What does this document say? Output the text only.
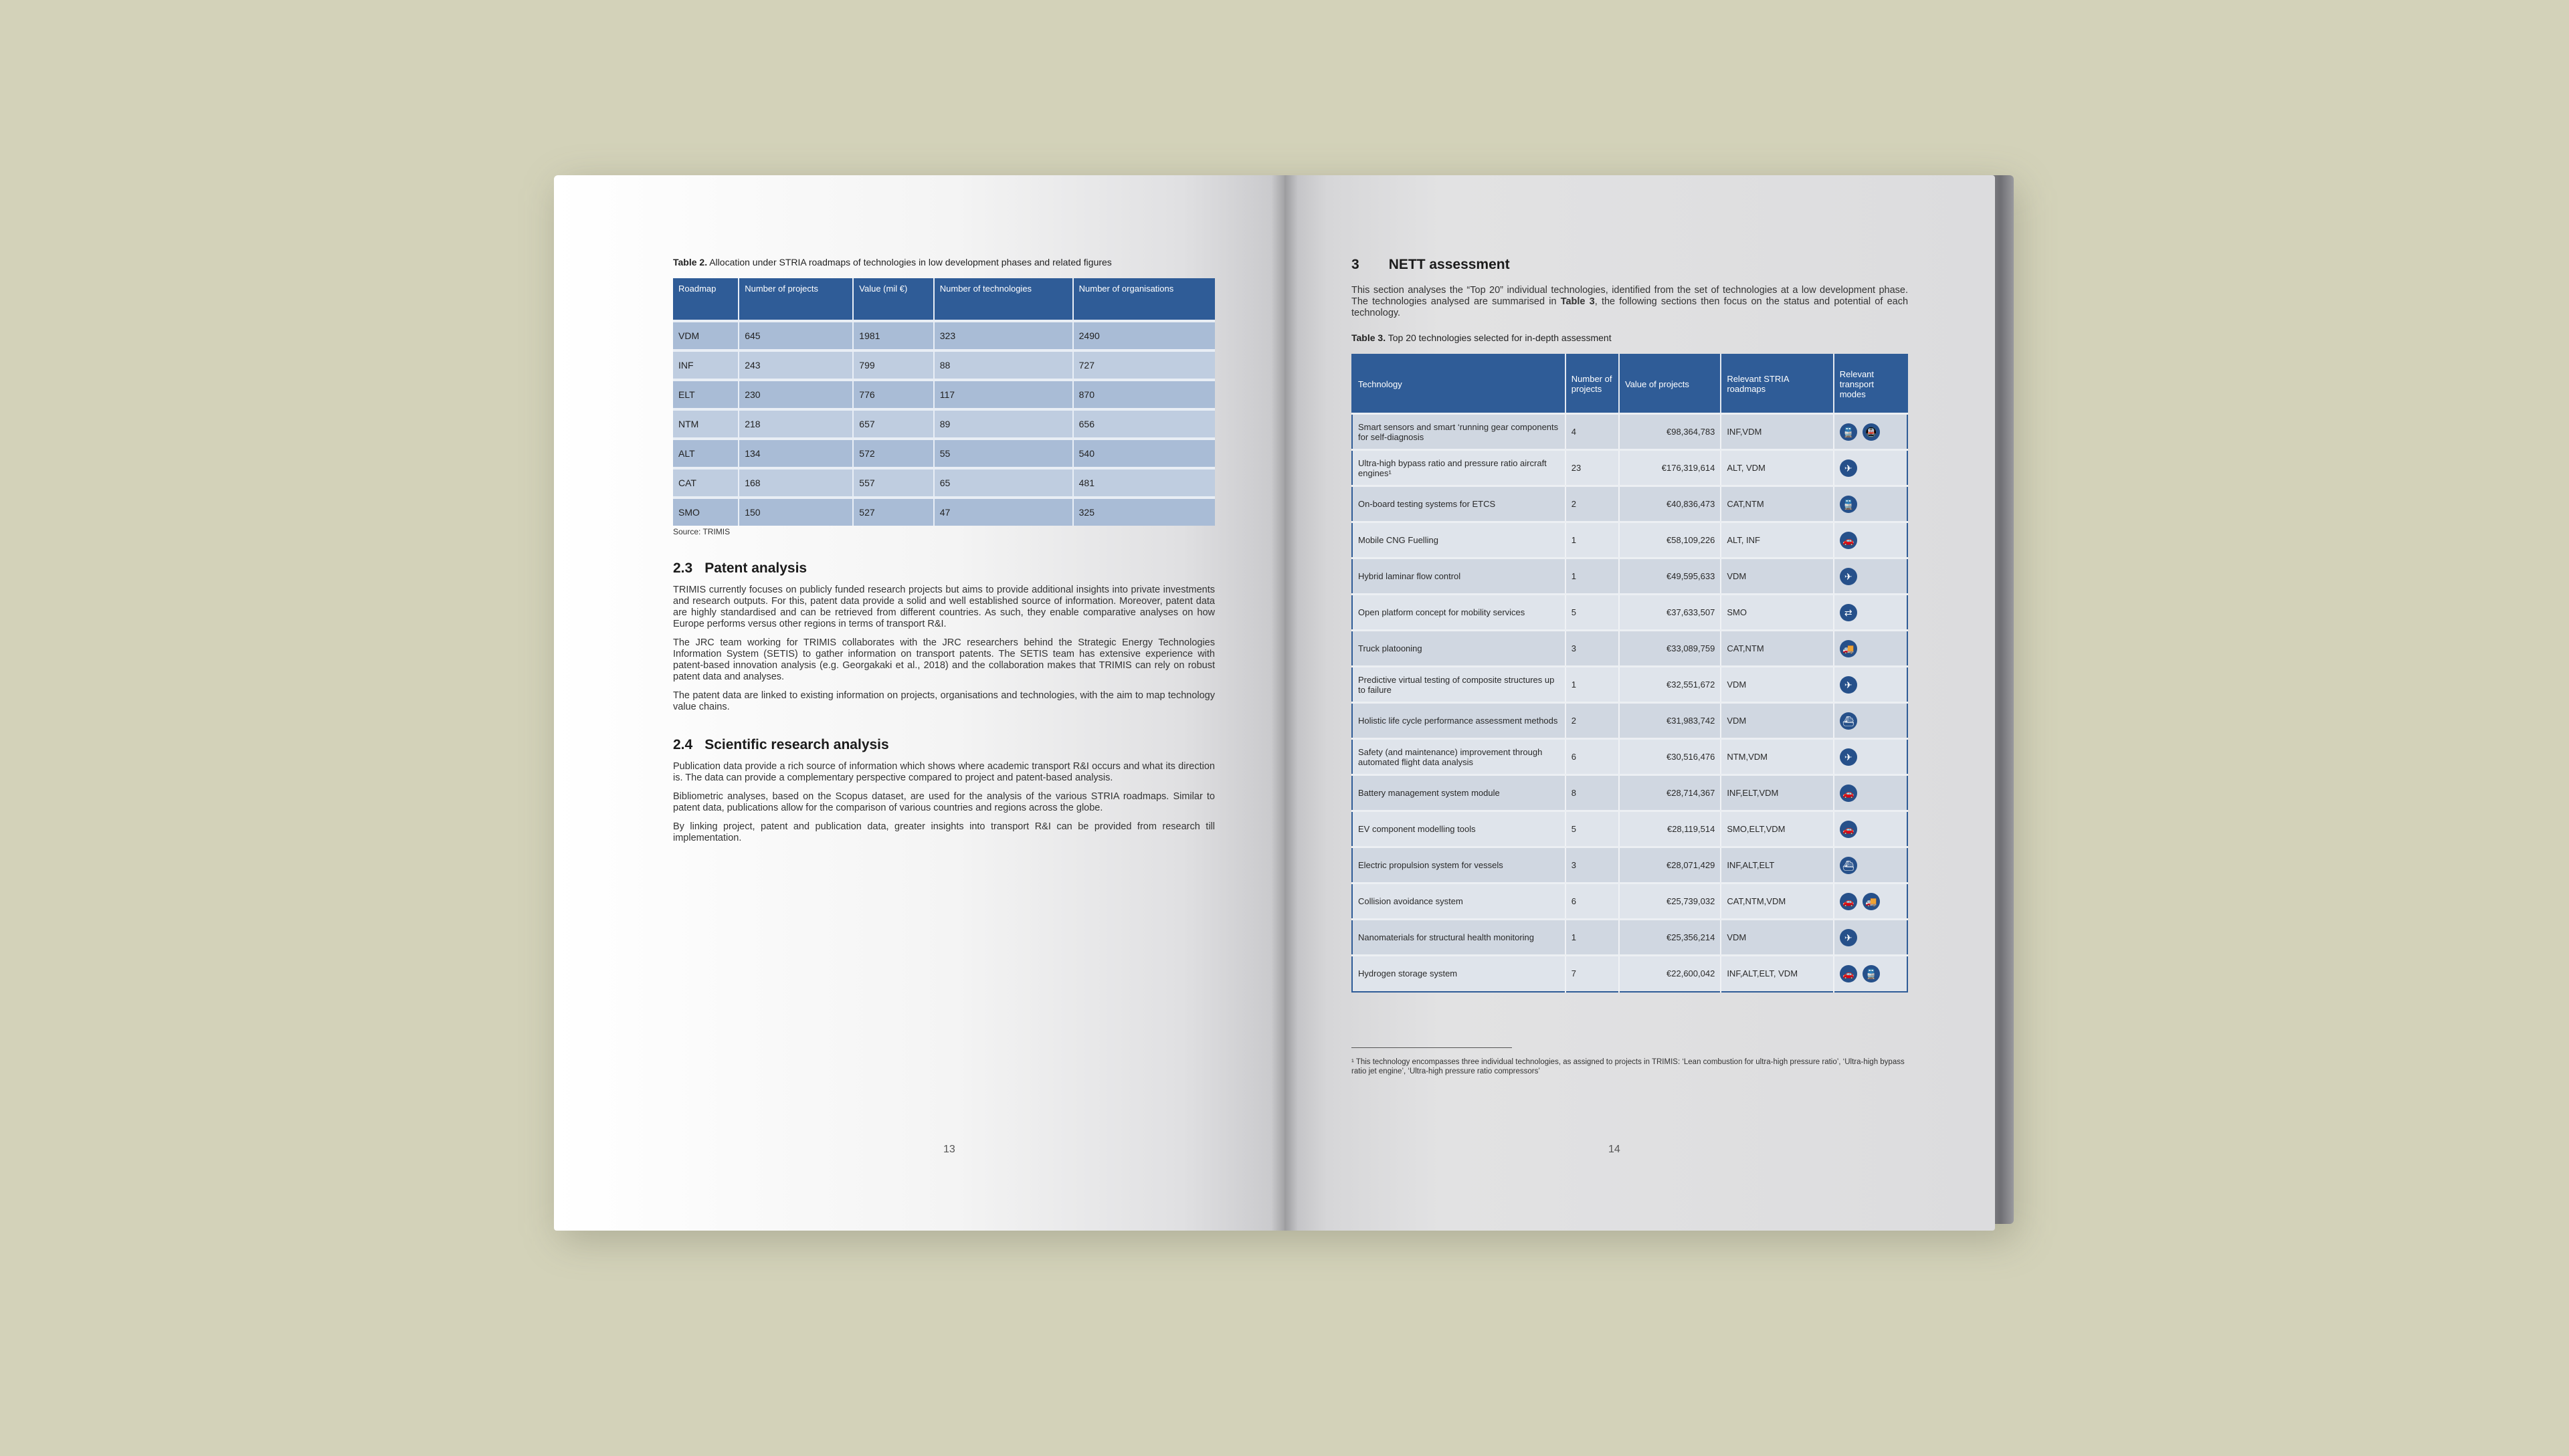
Table 2. Allocation under STRIA roadmaps of technologies in low development phases and related figures
Roadmap	Number of projects	Value (mil €)	Number of technologies	Number of organisations
VDM	645	1981	323	2490
INF	243	799	88	727
ELT	230	776	117	870
NTM	218	657	89	656
ALT	134	572	55	540
CAT	168	557	65	481
SMO	150	527	47	325
Source: TRIMIS
2.3 Patent analysis

TRIMIS currently focuses on publicly funded research projects but aims to provide additional insights into private investments and research outputs. For this, patent data provide a solid and well established source of information. Moreover, patent data are highly standardised and can be retrieved from different countries. As such, they enable comparative analyses on how Europe performs versus other regions in terms of transport R&I.

The JRC team working for TRIMIS collaborates with the JRC researchers behind the Strategic Energy Technologies Information System (SETIS) to gather information on transport patents. The SETIS team has extensive experience with patent-based innovation analysis (e.g. Georgakaki et al., 2018) and the collaboration makes that TRIMIS can rely on robust patent data and analyses.

The patent data are linked to existing information on projects, organisations and technologies, with the aim to map technology value chains.

2.4 Scientific research analysis

Publication data provide a rich source of information which shows where academic transport R&I occurs and what its direction is. The data can provide a complementary perspective compared to project and patent-based analysis.

Bibliometric analyses, based on the Scopus dataset, are used for the analysis of the various STRIA roadmaps. Similar to patent data, publications allow for the comparison of various countries and regions across the globe.

By linking project, patent and publication data, greater insights into transport R&I can be provided from research till implementation.

13
3 NETT assessment

This section analyses the “Top 20” individual technologies, identified from the set of technologies at a low development phase. The technologies analysed are summarised in Table 3, the following sections then focus on the status and potential of each technology.

Table 3. Top 20 technologies selected for in-depth assessment
Technology	Number of projects	Value of projects	Relevant STRIA roadmaps	Relevant transport modes
Smart sensors and smart ‘running gear components for self-diagnosis	4	€98,364,783	INF,VDM	🚆 🚇
Ultra-high bypass ratio and pressure ratio aircraft engines¹	23	€176,319,614	ALT, VDM	✈
On-board testing systems for ETCS	2	€40,836,473	CAT,NTM	🚆
Mobile CNG Fuelling	1	€58,109,226	ALT, INF	🚗
Hybrid laminar flow control	1	€49,595,633	VDM	✈
Open platform concept for mobility services	5	€37,633,507	SMO	⇄
Truck platooning	3	€33,089,759	CAT,NTM	🚚
Predictive virtual testing of composite structures up to failure	1	€32,551,672	VDM	✈
Holistic life cycle performance assessment methods	2	€31,983,742	VDM	⛴
Safety (and maintenance) improvement through automated flight data analysis	6	€30,516,476	NTM,VDM	✈
Battery management system module	8	€28,714,367	INF,ELT,VDM	🚗
EV component modelling tools	5	€28,119,514	SMO,ELT,VDM	🚗
Electric propulsion system for vessels	3	€28,071,429	INF,ALT,ELT	⛴
Collision avoidance system	6	€25,739,032	CAT,NTM,VDM	🚗 🚚
Nanomaterials for structural health monitoring	1	€25,356,214	VDM	✈
Hydrogen storage system	7	€22,600,042	INF,ALT,ELT, VDM	🚗 🚆
¹ This technology encompasses three individual technologies, as assigned to projects in TRIMIS: ‘Lean combustion for ultra-high pressure ratio’, ‘Ultra-high bypass ratio jet engine’, ‘Ultra-high pressure ratio compressors’
14
